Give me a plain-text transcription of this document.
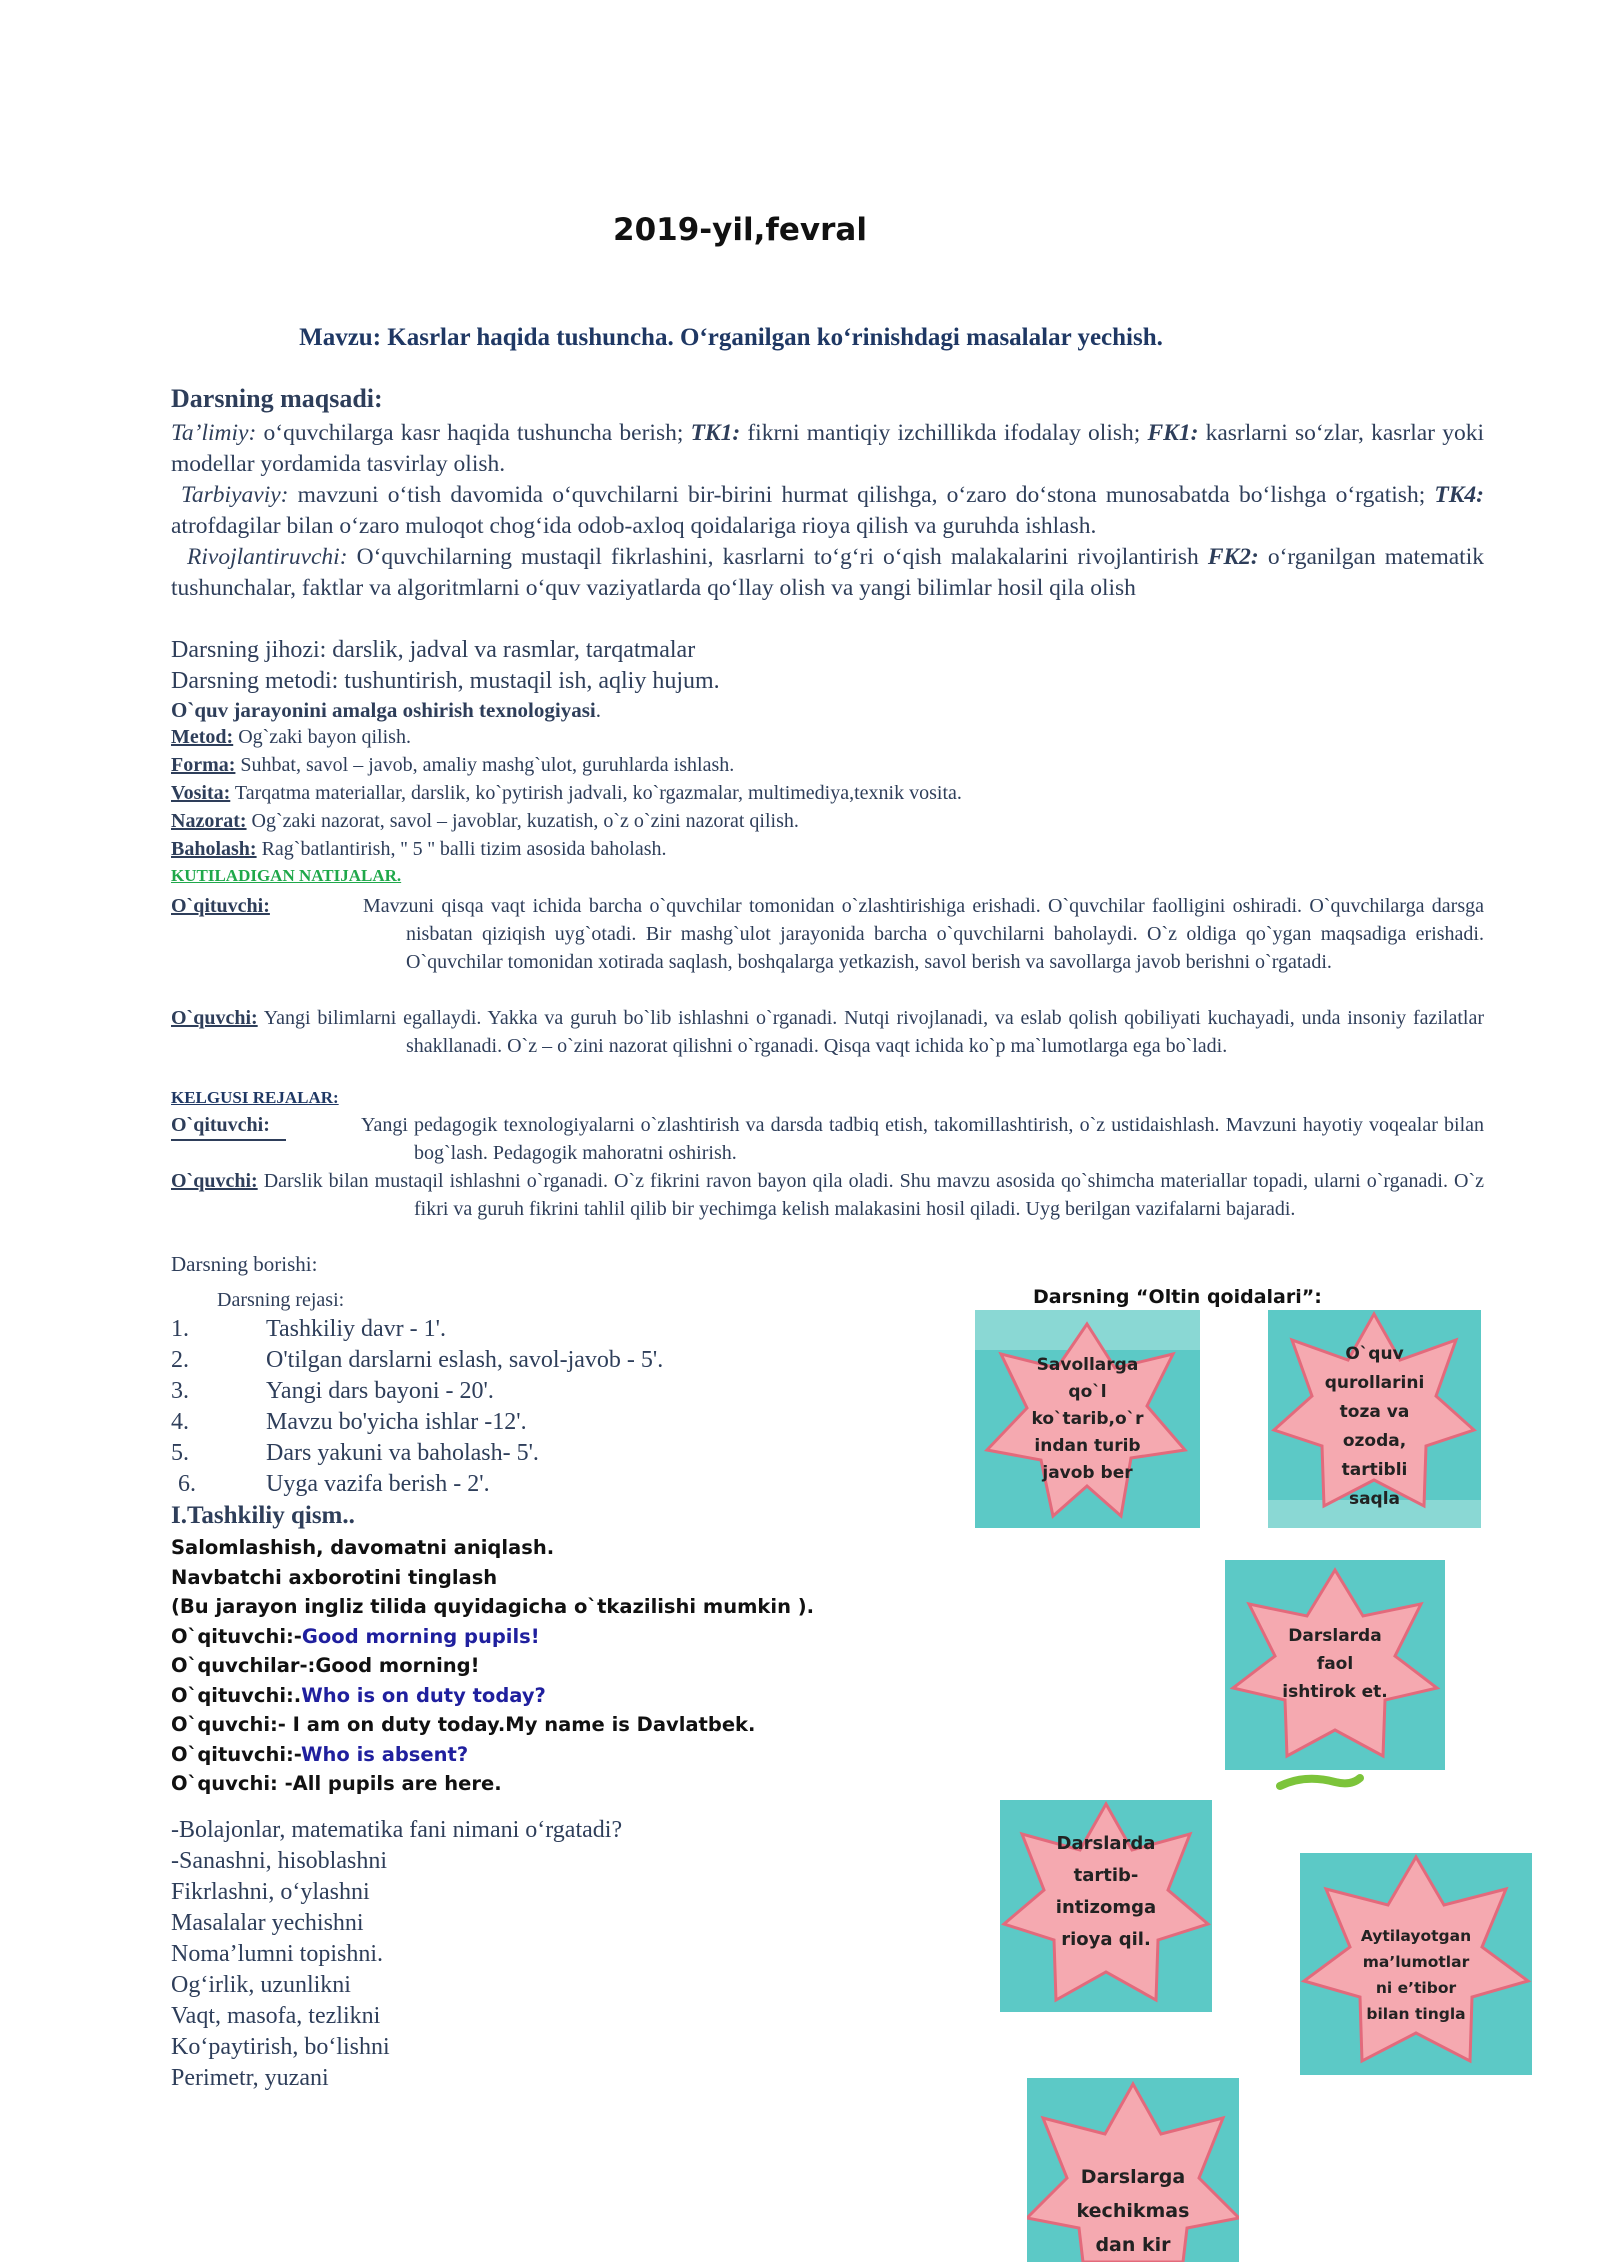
2019-yil,fevral
Mavzu: Kasrlar haqida tushuncha. O‘rganilgan ko‘rinishdagi masalalar yechish.
Darsning maqsadi:
Ta’limiy: o‘quvchilarga kasr haqida tushuncha berish; TK1: fikrni mantiqiy izchillikda ifodalay olish; FK1: kasrlarni so‘zlar, kasrlar yoki modellar yordamida tasvirlay olish.
Tarbiyaviy: mavzuni o‘tish davomida o‘quvchilarni bir-birini hurmat qilishga, o‘zaro do‘stona munosabatda bo‘lishga o‘rgatish; TK4: atrofdagilar bilan o‘zaro muloqot chog‘ida odob-axloq qoidalariga rioya qilish va guruhda ishlash.
Rivojlantiruvchi: O‘quvchilarning mustaqil fikrlashini, kasrlarni to‘g‘ri o‘qish malakalarini rivojlantirish FK2: o‘rganilgan matematik tushunchalar, faktlar va algoritmlarni o‘quv vaziyatlarda qo‘llay olish va yangi bilimlar hosil qila olish
Darsning jihozi: darslik, jadval va rasmlar, tarqatmalar
Darsning metodi: tushuntirish, mustaqil ish, aqliy hujum.
O`quv jarayonini amalga oshirish texnologiyasi.
Metod: Og`zaki bayon qilish.
Forma: Suhbat, savol – javob, amaliy mashg`ulot, guruhlarda ishlash.
Vosita: Tarqatma materiallar, darslik, ko`pytirish jadvali, ko`rgazmalar, multimediya,texnik vosita.
Nazorat: Og`zaki nazorat, savol – javoblar, kuzatish, o`z o`zini nazorat qilish.
Baholash: Rag`batlantirish, '' 5 '' balli tizim asosida baholash.
KUTILADIGAN NATIJALAR.
O`qituvchi:	Mavzuni qisqa vaqt ichida barcha o`quvchilar tomonidan o`zlashtirishiga erishadi. O`quvchilar faolligini oshiradi. O`quvchilarga darsga nisbatan qiziqish uyg`otadi. Bir mashg`ulot jarayonida barcha o`quvchilarni baholaydi. O`z oldiga qo`ygan maqsadiga erishadi. O`quvchilar tomonidan xotirada saqlash, boshqalarga yetkazish, savol berish va savollarga javob berishni o`rgatadi.
O`quvchi: Yangi bilimlarni egallaydi. Yakka va guruh bo`lib ishlashni o`rganadi. Nutqi rivojlanadi, va eslab qolish qobiliyati kuchayadi, unda insoniy fazilatlar shakllanadi. O`z – o`zini nazorat qilishni o`rganadi. Qisqa vaqt ichida ko`p ma`lumotlarga ega bo`ladi.
KELGUSI REJALAR:
O`qituvchi:	Yangi pedagogik texnologiyalarni o`zlashtirish va darsda tadbiq etish, takomillashtirish, o`z ustidaishlash. Mavzuni hayotiy voqealar bilan bog`lash. Pedagogik mahoratni oshirish.
O`quvchi: Darslik bilan mustaqil ishlashni o`rganadi. O`z fikrini ravon bayon qila oladi. Shu mavzu asosida qo`shimcha materiallar topadi, ularni o`rganadi. O`z fikri va guruh fikrini tahlil qilib bir yechimga kelish malakasini hosil qiladi. Uyg berilgan vazifalarni bajaradi.
Darsning borishi:
Darsning rejasi:
1.	Tashkiliy davr - 1'.
2.	O'tilgan darslarni eslash, savol-javob - 5'.
3.	Yangi dars bayoni - 20'.
4.	Mavzu bo'yicha ishlar -12'.
5.	Dars yakuni va baholash- 5'.
6.	Uyga vazifa berish - 2'.
I.Tashkiliy qism..
Salomlashish, davomatni aniqlash.
Navbatchi axborotini tinglash
(Bu jarayon ingliz tilida quyidagicha o`tkazilishi mumkin ).
O`qituvchi:-Good morning pupils!
O`quvchilar-:Good morning!
O`qituvchi:.Who is on duty today?
O`quvchi:- I am on duty today.My name is Davlatbek.
O`qituvchi:-Who is absent?
O`quvchi: -All pupils are here.
-Bolajonlar, matematika fani nimani o‘rgatadi?
-Sanashni, hisoblashni
Fikrlashni, o‘ylashni
Masalalar yechishni
Noma’lumni topishni.
Og‘irlik, uzunlikni
Vaqt, masofa, tezlikni
Ko‘paytirish, bo‘lishni
Perimetr, yuzani
Darsning “Oltin qoidalari”:
Savollarga
qo`l
ko`tarib,o`r
indan turib
javob ber
O`quv
qurollarini
toza va
ozoda,
tartibli
saqla
Darslarda
faol
ishtirok et.
Darslarda
tartib-
intizomga
rioya qil.	Aytilayotgan
ma’lumotlar
ni e’tibor
bilan tingla
Darslarga
kechikmas
dan kir
